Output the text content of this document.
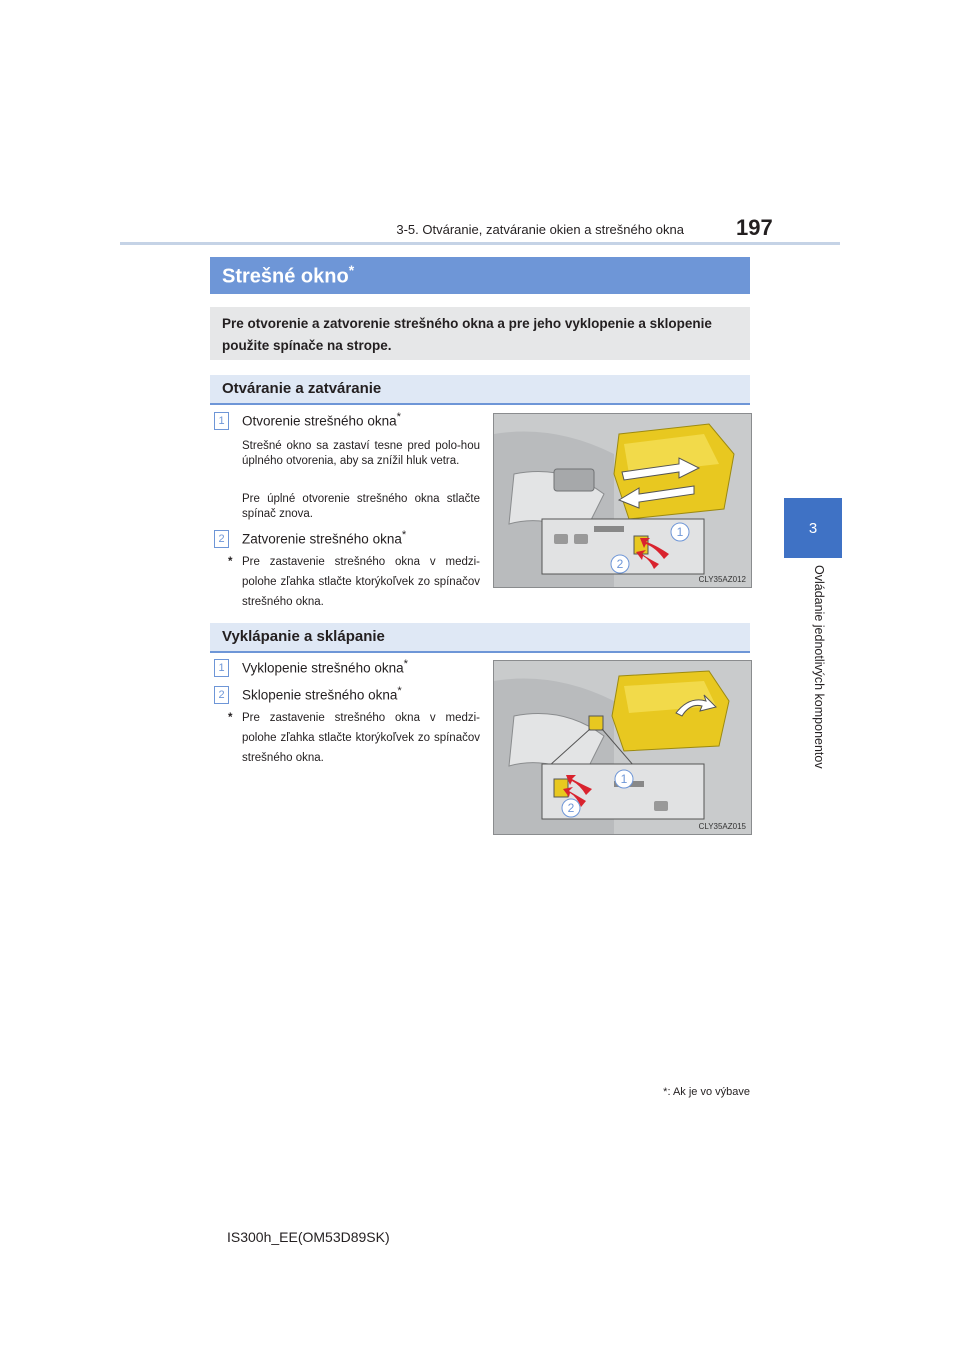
3-5. Otváranie, zatváranie okien a strešného okna 197
3
Ovládanie jednotlivých komponentov
Strešné okno*
Pre otvorenie a zatvorenie strešného okna a pre jeho vyklopenie a sklopenie použite spínače na strope.
Otváranie a zatváranie
1	Otvorenie strešného okna*
Strešné okno sa zastaví tesne pred polo-hou úplného otvorenia, aby sa znížil hluk vetra.
Pre úplné otvorenie strešného okna stlačte spínač znova.
2	Zatvorenie strešného okna*
* Pre zastavenie strešného okna v medzi-polohe zľahka stlačte ktorýkoľvek zo spínačov strešného okna.
1
2
CLY35AZ012
Vyklápanie a sklápanie
1	Vyklopenie strešného okna*
2	Sklopenie strešného okna*
* Pre zastavenie strešného okna v medzi-polohe zľahka stlačte ktorýkoľvek zo spínačov strešného okna.
1
2
CLY35AZ015
*: Ak je vo výbave
IS300h_EE(OM53D89SK)
